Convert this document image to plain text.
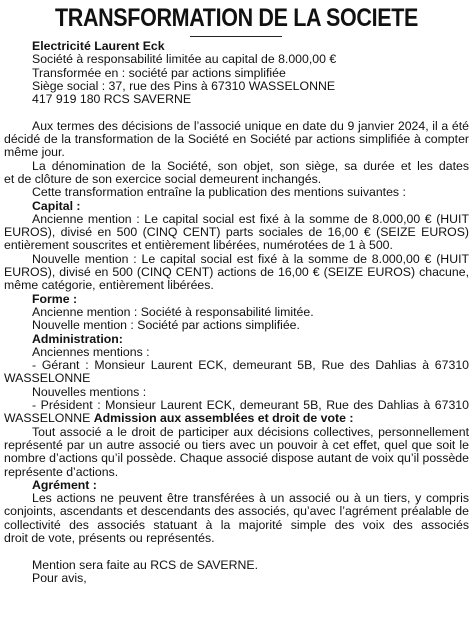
TRANSFORMATION DE LA SOCIETE
Electricité Laurent Eck
Société à responsabilité limitée au capital de 8.000,00 €
Transformée en : société par actions simplifiée
Siège social : 37, rue des Pins à 67310 WASSELONNE
417 919 180 RCS SAVERNE
Aux termes des décisions de l’associé unique en date du 9 janvier 2024, il a été
décidé de la transformation de la Société en Société par actions simplifiée à compter
même jour.
La dénomination de la Société, son objet, son siège, sa durée et les dates
et de clôture de son exercice social demeurent inchangés.
Cette transformation entraîne la publication des mentions suivantes :
Capital :
Ancienne mention : Le capital social est fixé à la somme de 8.000,00 € (HUIT
EUROS), divisé en 500 (CINQ CENT) parts sociales de 16,00 € (SEIZE EUROS)
entièrement souscrites et entièrement libérées, numérotées de 1 à 500.
Nouvelle mention : Le capital social est fixé à la somme de 8.000,00 € (HUIT
EUROS), divisé en 500 (CINQ CENT) actions de 16,00 € (SEIZE EUROS) chacune,
même catégorie, entièrement libérées.
Forme :
Ancienne mention : Société à responsabilité limitée.
Nouvelle mention : Société par actions simplifiée.
Administration:
Anciennes mentions :
- Gérant : Monsieur Laurent ECK, demeurant 5B, Rue des Dahlias à 67310
WASSELONNE
Nouvelles mentions :
- Président : Monsieur Laurent ECK, demeurant 5B, Rue des Dahlias à 67310
WASSELONNE Admission aux assemblées et droit de vote :
Tout associé a le droit de participer aux décisions collectives, personnellement
représenté par un autre associé ou tiers avec un pouvoir à cet effet, quel que soit le
nombre d’actions qu’il possède. Chaque associé dispose autant de voix qu’il possède
représente d’actions.
Agrément :
Les actions ne peuvent être transférées à un associé ou à un tiers, y compris
conjoints, ascendants et descendants des associés, qu’avec l’agrément préalable de
collectivité des associés statuant à la majorité simple des voix des associés
droit de vote, présents ou représentés.
Mention sera faite au RCS de SAVERNE.
Pour avis,
